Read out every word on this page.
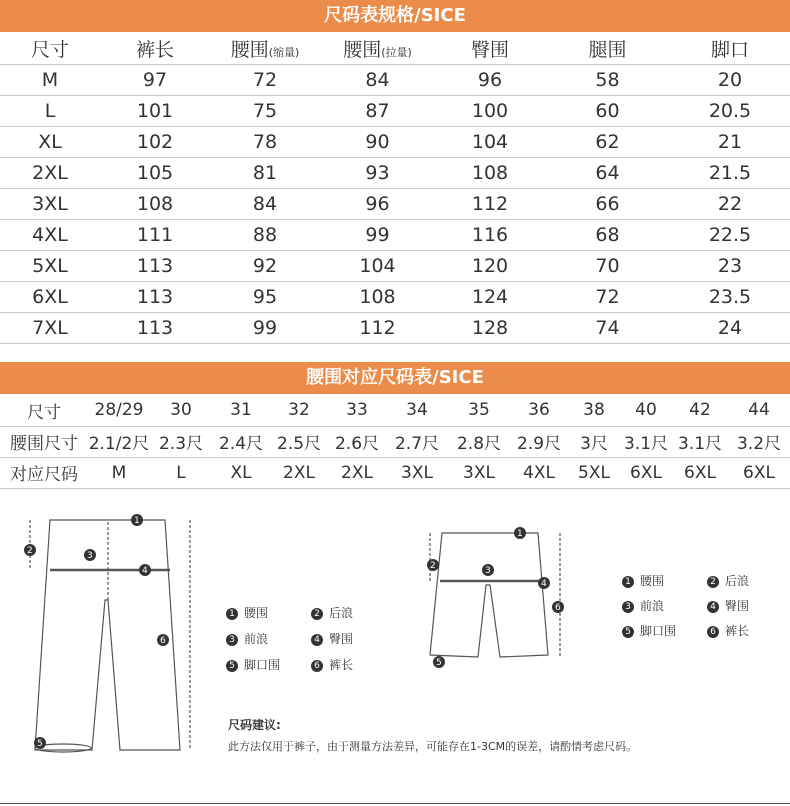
尺码表规格/SICE
尺寸	裤长	腰围(缩量)	腰围(拉量)	臀围	腿围	脚口
M	97	72	84	96	58	20
L	101	75	87	100	60	20.5
XL	102	78	90	104	62	21
2XL	105	81	93	108	64	21.5
3XL	108	84	96	112	66	22
4XL	111	88	99	116	68	22.5
5XL	113	92	104	120	70	23
6XL	113	95	108	124	72	23.5
7XL	113	99	112	128	74	24
腰围对应尺码表/SICE
尺寸	28/29	30	31	32	33	34	35	36	38	40	42	44
腰围尺寸	2.1/2尺	2.3尺	2.4尺	2.5尺	2.6尺	2.7尺	2.8尺	2.9尺	3尺	3.1尺	3.1尺	3.2尺
对应尺码	M	L	XL	2XL	2XL	3XL	3XL	4XL	5XL	6XL	6XL	6XL
1
2	3
4
5
6
1
2	3
4
5
6
1 腰围	2 后浪
3 前浪	4 臀围
5 脚口围	6 裤长
1 腰围	2 后浪
3 前浪	4 臀围
5 脚口围	6 裤长
尺码建议:
此方法仅用于裤子，由于测量方法差异，可能存在1-3CM的误差，请酌情考虑尺码。
